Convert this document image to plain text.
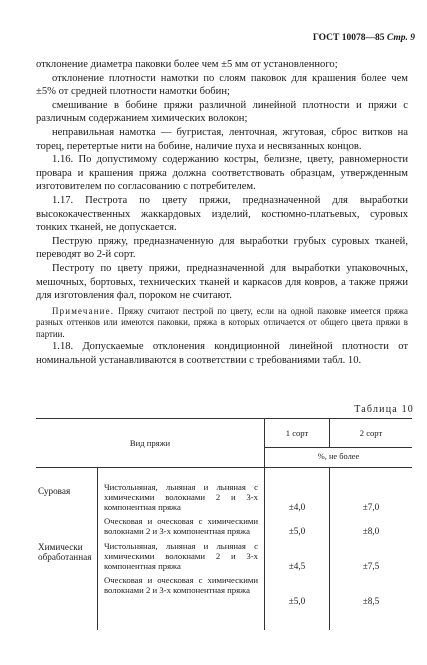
ГОСТ 10078—85 Стр. 9

отклонение диаметра паковки более чем ±5 мм от установленного;

отклонение плотности намотки по слоям паковок для крашения более чем ±5% от средней плотности намотки бобин;

смешивание в бобине пряжи различной линейной плотности и пряжи с различным содержанием химических волокон;

неправильная намотка — бугристая, ленточная, жгутовая, сброс витков на торец, перетертые нити на бобине, наличие пуха и несвязанных концов.

1.16. По допустимому содержанию костры, белизне, цвету, равномерности провара и крашения пряжа должна соответствовать образцам, утвержденным изготовителем по согласованию с потребителем.

1.17. Пестрота по цвету пряжи, предназначенной для выработки высококачественных жаккардовых изделий, костюмно-платьевых, суровых тонких тканей, не допускается.

Пеструю пряжу, предназначенную для выработки грубых суровых тканей, переводят во 2-й сорт.

Пестроту по цвету пряжи, предназначенной для выработки упаковочных, мешочных, бортовых, технических тканей и каркасов для ковров, а также пряжи для изготовления фал, пороком не считают.

Примечание. Пряжу считают пестрой по цвету, если на одной паковке имеется пряжа разных оттенков или имеются паковки, пряжа в которых отличается от общего цвета пряжи в партии.

1.18. Допускаемые отклонения кондиционной линейной плотности от номинальной устанавливаются в соответствии с требованиями табл. 10.

Таблица 10
Вид пряжи		1 сорт	2 сорт
		%, не более	
Суровая	Чистольняная, льняная и льняная с химическими волокнами 2 и 3-х компонентная пряжа	±4,0	±7,0
	Оческовая и оческовая с химическими волокнами 2 и 3-х компонентная пряжа	±5,0	±8,0
Химически обработанная	Чистольняная, льняная и льняная с химическими волокнами 2 и 3-х компонентная пряжа	±4,5	±7,5
	Оческовая и оческовая с химическими волокнами 2 и 3-х компонентная пряжа	±5,0	±8,5
